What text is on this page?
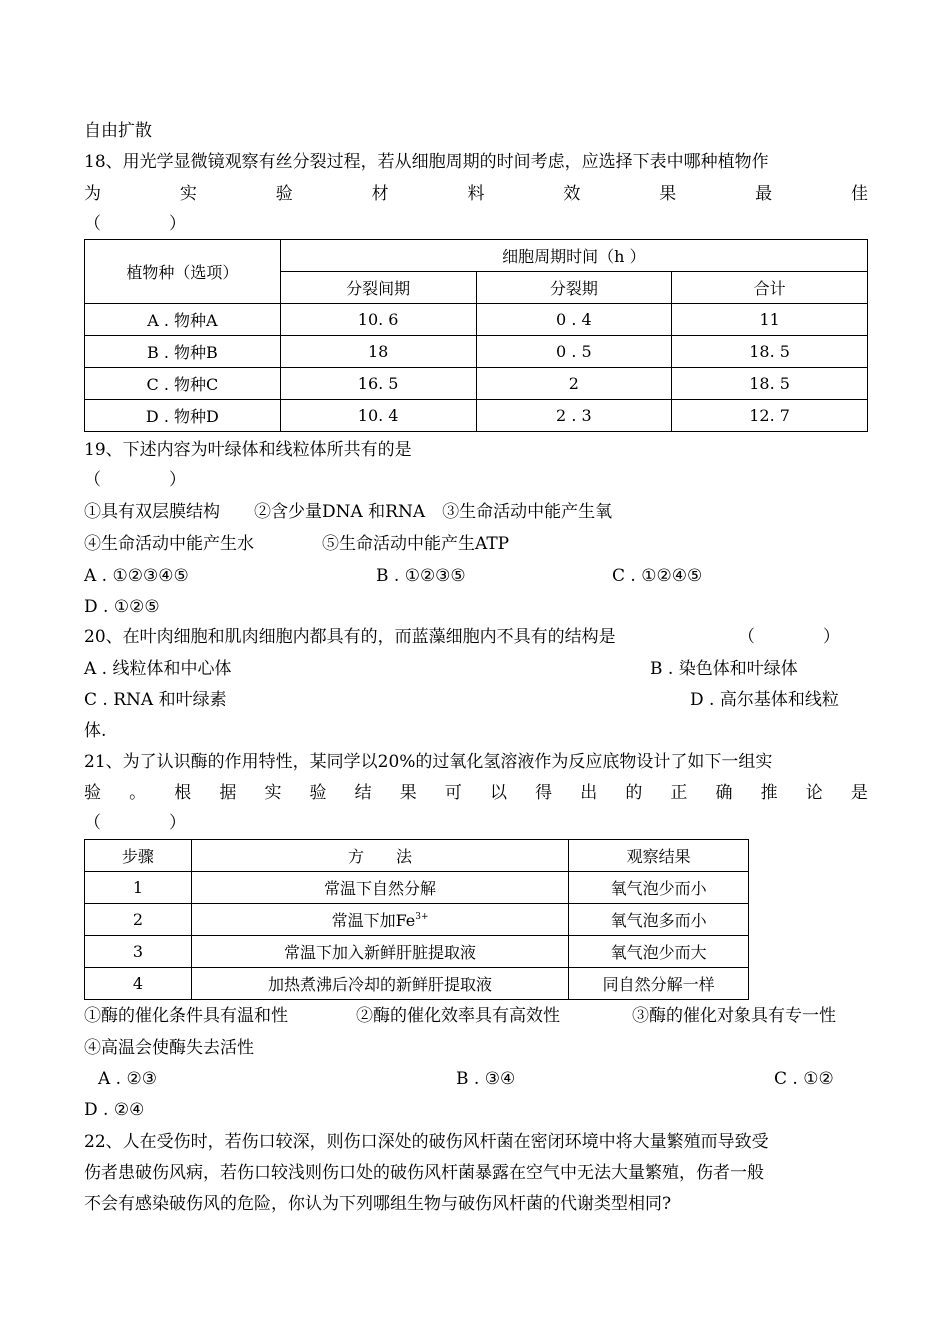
自由扩散
18、用光学显微镜观察有丝分裂过程，若从细胞周期的时间考虑，应选择下表中哪种植物作
为	实	验	材	料	效	果	最	佳
（　　　　）
植物种（选项）	细胞周期时间（h ）		
	分裂间期	分裂期	合计
A . 物种A	10. 6	0 . 4	11
B . 物种B	18	0 . 5	18. 5
C . 物种C	16. 5	2	18. 5
D . 物种D	10. 4	2 . 3	12. 7
19、下述内容为叶绿体和线粒体所共有的是
（　　　　）
①具有双层膜结构　　②含少量DNA 和RNA　③生命活动中能产生氧
④生命活动中能产生水　　　　⑤生命活动中能产生ATP
A . ①②③④⑤	B . ①②③⑤	C . ①②④⑤
D . ①②⑤
20、在叶肉细胞和肌肉细胞内都具有的，而蓝藻细胞内不具有的结构是	（　　　　）
A . 线粒体和中心体	B . 染色体和叶绿体
C . RNA 和叶绿素	D . 高尔基体和线粒
体.
21、为了认识酶的作用特性，某同学以20%的过氧化氢溶液作为反应底物设计了如下一组实
验 。 根 据 实 验 结 果 可 以 得 出 的 正 确 推 论 是
（　　　　）
步骤	方　　法	观察结果
1	常温下自然分解	氧气泡少而小
2	常温下加$Fe^{3+}$	氧气泡多而小
3	常温下加入新鲜肝脏提取液	氧气泡少而大
4	加热煮沸后冷却的新鲜肝提取液	同自然分解一样
①酶的催化条件具有温和性	②酶的催化效率具有高效性	③酶的催化对象具有专一性
④高温会使酶失去活性
A . ②③	B . ③④	C . ①②
D . ②④
22、人在受伤时，若伤口较深，则伤口深处的破伤风杆菌在密闭环境中将大量繁殖而导致受
伤者患破伤风病，若伤口较浅则伤口处的破伤风杆菌暴露在空气中无法大量繁殖，伤者一般
不会有感染破伤风的危险，你认为下列哪组生物与破伤风杆菌的代谢类型相同?
